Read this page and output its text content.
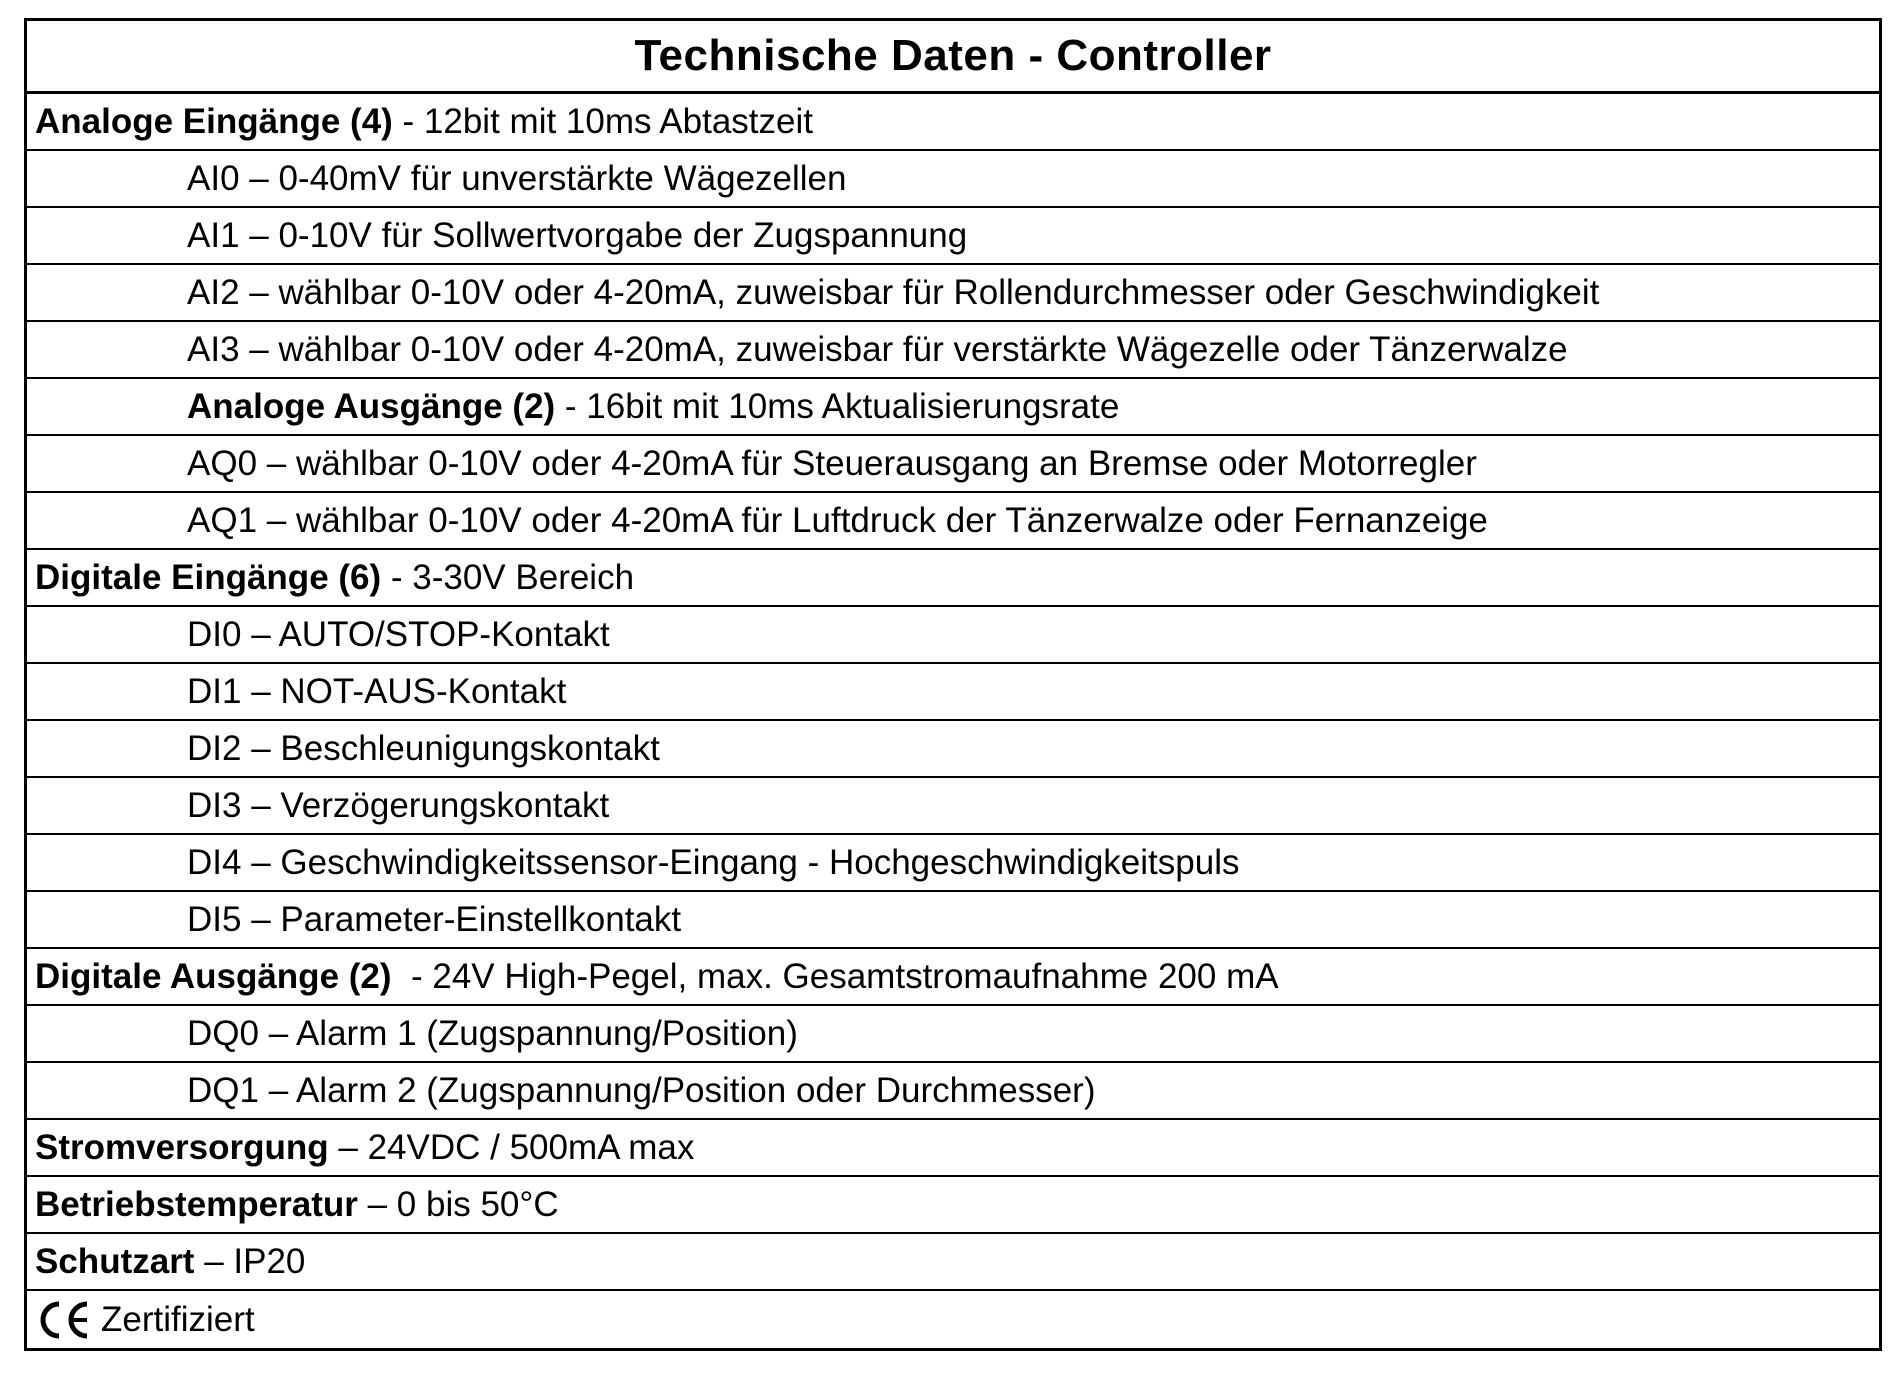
Technische Daten - Controller
Analoge Eingänge (4) - 12bit mit 10ms Abtastzeit
AI0 – 0-40mV für unverstärkte Wägezellen
AI1 – 0-10V für Sollwertvorgabe der Zugspannung
AI2 – wählbar 0-10V oder 4-20mA, zuweisbar für Rollendurchmesser oder Geschwindigkeit
AI3 – wählbar 0-10V oder 4-20mA, zuweisbar für verstärkte Wägezelle oder Tänzerwalze
Analoge Ausgänge (2) - 16bit mit 10ms Aktualisierungsrate
AQ0 – wählbar 0-10V oder 4-20mA für Steuerausgang an Bremse oder Motorregler
AQ1 – wählbar 0-10V oder 4-20mA für Luftdruck der Tänzerwalze oder Fernanzeige
Digitale Eingänge (6) - 3-30V Bereich
DI0 – AUTO/STOP-Kontakt
DI1 – NOT-AUS-Kontakt
DI2 – Beschleunigungskontakt
DI3 – Verzögerungskontakt
DI4 – Geschwindigkeitssensor-Eingang - Hochgeschwindigkeitspuls
DI5 – Parameter-Einstellkontakt
Digitale Ausgänge (2) - 24V High-Pegel, max. Gesamtstromaufnahme 200 mA
DQ0 – Alarm 1 (Zugspannung/Position)
DQ1 – Alarm 2 (Zugspannung/Position oder Durchmesser)
Stromversorgung – 24VDC / 500mA max
Betriebstemperatur – 0 bis 50°C
Schutzart – IP20
Zertifiziert
